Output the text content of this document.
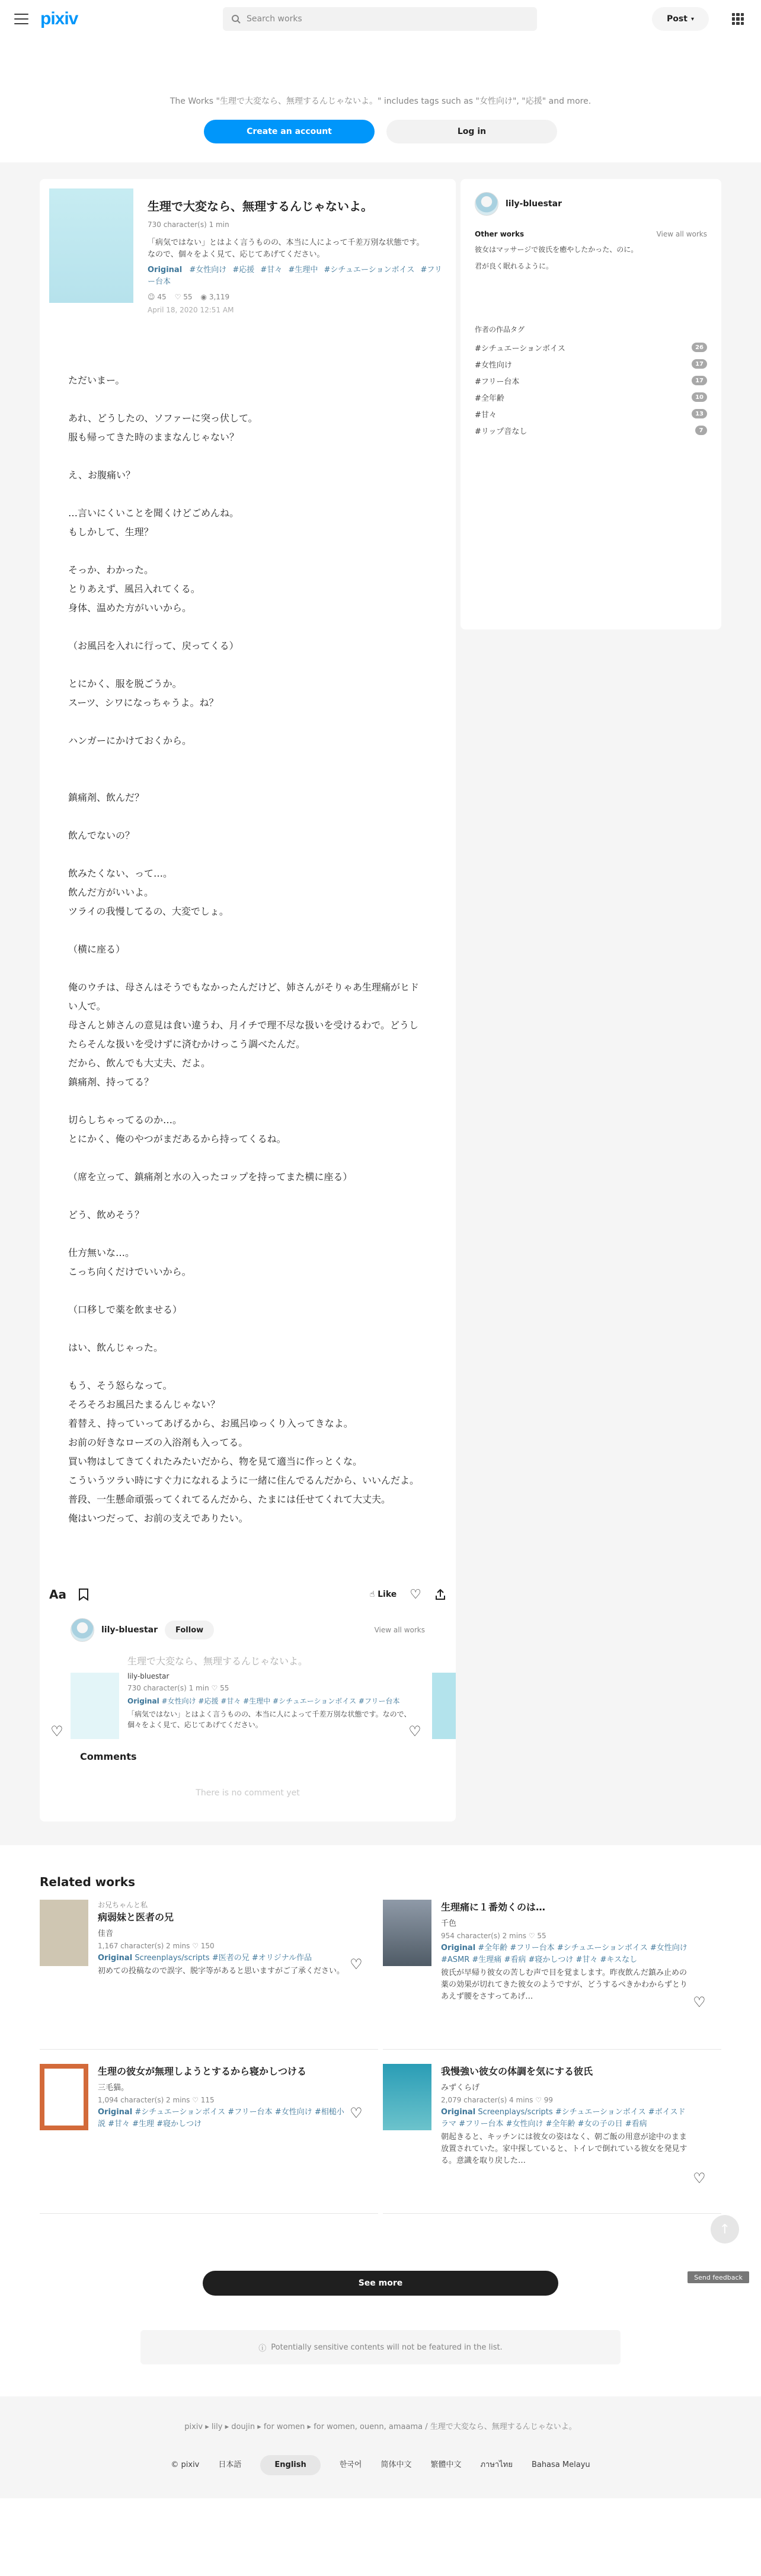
pixiv	Search works	Post ▾
The Works "生理で大変なら、無理するんじゃないよ。" includes tags such as "女性向け", "応援" and more.
Create an account	Log in
生理で大変なら、無理するんじゃないよ。
730 character(s) 1 min
「病気ではない」とはよく言うものの、本当に人によって千差万別な状態です。
なので、個々をよく見て、応じてあげてください。
Original #女性向け #応援 #甘々 #生理中 #シチュエーションボイス #フリー台本
☺ 45 ♡ 55 ◉ 3,119
April 18, 2020 12:51 AM
ただいまー。

あれ、どうしたの、ソファーに突っ伏して。
服も帰ってきた時のままなんじゃない？

え、お腹痛い？

…言いにくいことを聞くけどごめんね。
もしかして、生理？

そっか、わかった。
とりあえず、風呂入れてくる。
身体、温めた方がいいから。

（お風呂を入れに行って、戻ってくる）

とにかく、服を脱ごうか。
スーツ、シワになっちゃうよ。ね？

ハンガーにかけておくから。

鎮痛剤、飲んだ？

飲んでないの？

飲みたくない、って…。
飲んだ方がいいよ。
ツライの我慢してるの、大変でしょ。

（横に座る）

俺のウチは、母さんはそうでもなかったんだけど、姉さんがそりゃあ生理痛がヒドい人で。
母さんと姉さんの意見は食い違うわ、月イチで理不尽な扱いを受けるわで。どうしたらそんな扱いを受けずに済むかけっこう調べたんだ。
だから、飲んでも大丈夫、だよ。
鎮痛剤、持ってる？

切らしちゃってるのか…。
とにかく、俺のやつがまだあるから持ってくるね。

（席を立って、鎮痛剤と水の入ったコップを持ってまた横に座る）

どう、飲めそう？

仕方無いな…。
こっち向くだけでいいから。

（口移しで薬を飲ませる）

はい、飲んじゃった。

もう、そう怒らなって。
そろそろお風呂たまるんじゃない？
着替え、持っていってあげるから、お風呂ゆっくり入ってきなよ。
お前の好きなローズの入浴剤も入ってる。
買い物はしてきてくれたみたいだから、物を見て適当に作っとくな。
こういうツラい時にすぐ力になれるように一緒に住んでるんだから、いいんだよ。
普段、一生懸命頑張ってくれてるんだから、たまには任せてくれて大丈夫。
俺はいつだって、お前の支えでありたい。
Aa	☝ Like ♡
lily-bluestar	Follow	View all works
生理で大変なら、無理するんじゃないよ。
lily-bluestar
730 character(s) 1 min ♡ 55
Original #女性向け #応援 #甘々 #生理中 #シチュエーションボイス #フリー台本
「病気ではない」とはよく言うものの、本当に人によって千差万別な状態です。なので、個々をよく見て、応じてあげてください。
♡	♡
Comments
There is no comment yet
lily-bluestar
Other works	View all works
彼女はマッサージで彼氏を癒やしたかった、のに。
君が良く眠れるように。
作者の作品タグ
#シチュエーションボイス	26
#女性向け	17
#フリー台本	17
#全年齢	10
#甘々	13
#リップ音なし	7
Related works
お兄ちゃんと私
病弱妹と医者の兄
佳音
1,167 character(s) 2 mins ♡ 150
Original Screenplays/scripts #医者の兄 #オリジナル作品
初めての投稿なので誤字、脱字等があると思いますがご了承ください。 ♡
生理痛に１番効くのは…
千色
954 character(s) 2 mins ♡ 55
Original #全年齢 #フリー台本 #シチュエーションボイス #女性向け #ASMR #生理痛 #看病 #寝かしつけ #甘々 #キスなし
彼氏が早帰り彼女の苦しむ声で目を覚まします。昨夜飲んだ鎮み止めの薬の効果が切れてきた彼女のようですが、どうするべきかわからずとりあえず腰をさすってあげ…	♡
生理の彼女が無理しようとするから寝かしつける
三毛猫。
1,094 character(s) 2 mins ♡ 115
Original #シチュエーションボイス #フリー台本 #女性向け #相槌小説 #甘々 #生理 #寝かしつけ
♡
我慢強い彼女の体調を気にする彼氏
みずくらげ
2,079 character(s) 4 mins ♡ 99
Original Screenplays/scripts #シチュエーションボイス #ボイスドラマ #フリー台本 #女性向け #全年齢 #女の子の日 #看病
朝起きると、キッチンには彼女の姿はなく、朝ご飯の用意が途中のまま放置されていた。家中探していると、トイレで倒れている彼女を発見する。意識を取り戻した…
♡
See more
ⓘ Potentially sensitive contents will not be featured in the list.
pixiv ▸ lily ▸ doujin ▸ for women ▸ for women, ouenn, amaama / 生理で大変なら、無理するんじゃないよ。
© pixiv 日本語	English	한국어 简体中文 繁體中文 ภาษาไทย Bahasa Melayu
↑
Send feedback
